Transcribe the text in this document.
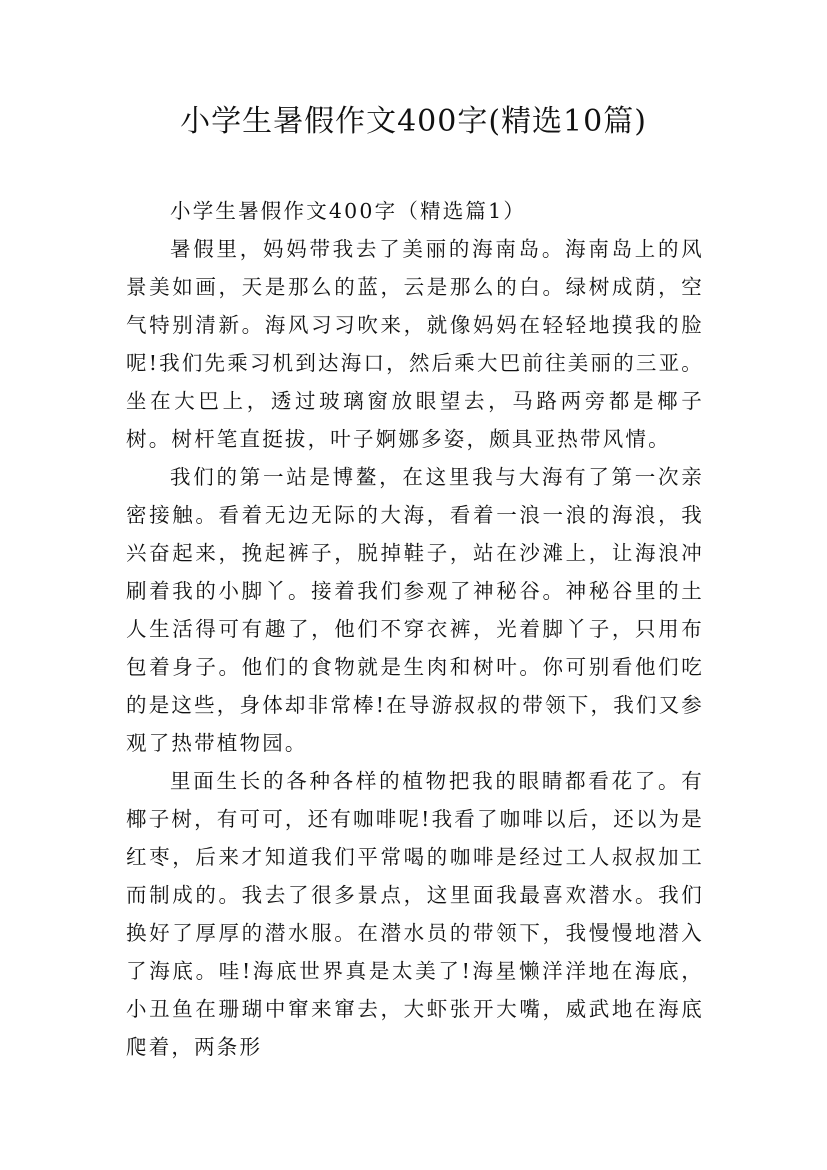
小学生暑假作文400字(精选10篇)

小学生暑假作文400字（精选篇1）

暑假里，妈妈带我去了美丽的海南岛。海南岛上的风景美如画，天是那么的蓝，云是那么的白。绿树成荫，空气特别清新。海风习习吹来，就像妈妈在轻轻地摸我的脸呢!我们先乘习机到达海口，然后乘大巴前往美丽的三亚。坐在大巴上，透过玻璃窗放眼望去，马路两旁都是椰子树。树杆笔直挺拔，叶子婀娜多姿，颇具亚热带风情。

我们的第一站是博鳌，在这里我与大海有了第一次亲密接触。看着无边无际的大海，看着一浪一浪的海浪，我兴奋起来，挽起裤子，脱掉鞋子，站在沙滩上，让海浪冲刷着我的小脚丫。接着我们参观了神秘谷。神秘谷里的土人生活得可有趣了，他们不穿衣裤，光着脚丫子，只用布包着身子。他们的食物就是生肉和树叶。你可别看他们吃的是这些，身体却非常棒!在导游叔叔的带领下，我们又参观了热带植物园。

里面生长的各种各样的植物把我的眼睛都看花了。有椰子树，有可可，还有咖啡呢!我看了咖啡以后，还以为是红枣，后来才知道我们平常喝的咖啡是经过工人叔叔加工而制成的。我去了很多景点，这里面我最喜欢潜水。我们换好了厚厚的潜水服。在潜水员的带领下，我慢慢地潜入了海底。哇!海底世界真是太美了!海星懒洋洋地在海底，小丑鱼在珊瑚中窜来窜去，大虾张开大嘴，威武地在海底爬着，两条形
